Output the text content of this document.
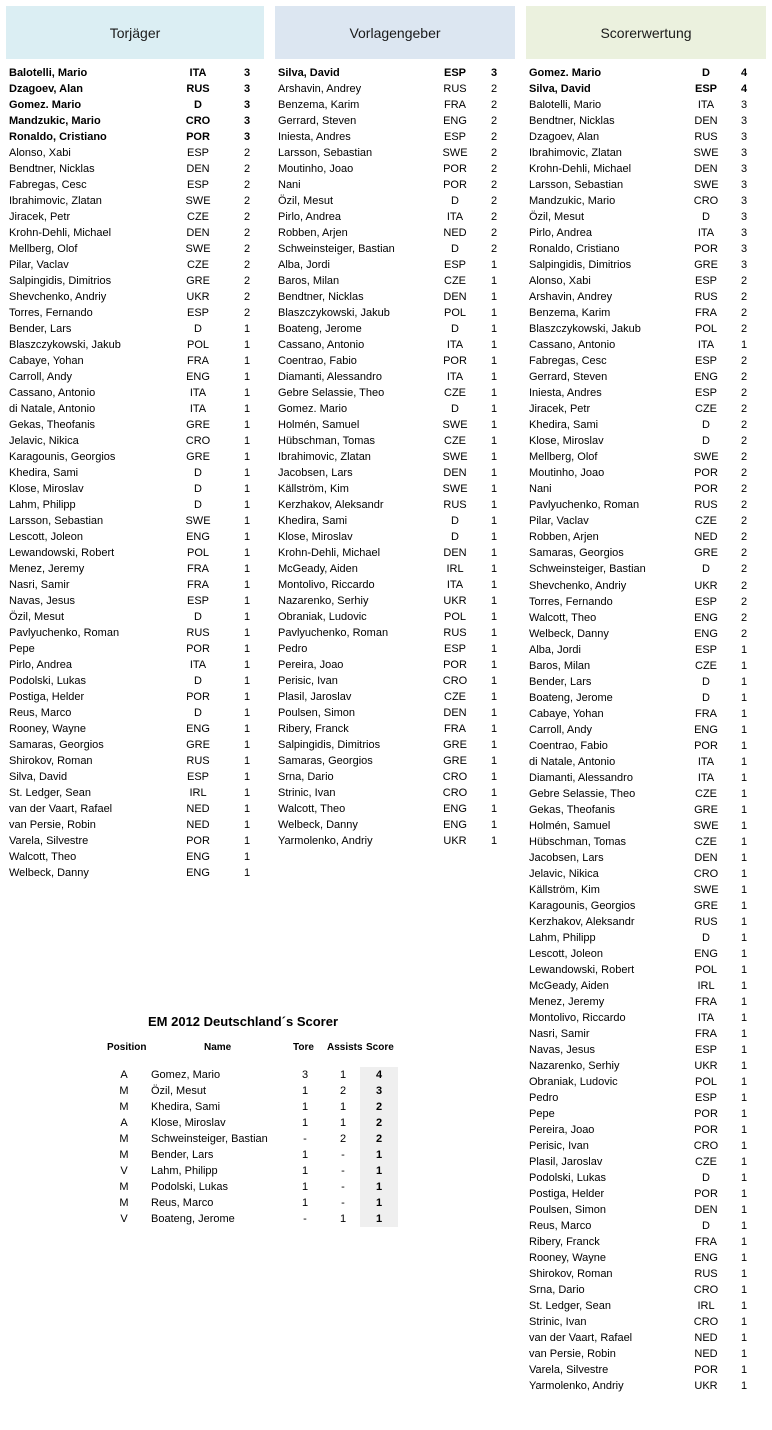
Torjäger	Vorlagengeber	Scorerwertung
Balotelli, Mario	ITA	3
Dzagoev, Alan	RUS	3
Gomez. Mario	D	3
Mandzukic, Mario	CRO	3
Ronaldo, Cristiano	POR	3
Alonso, Xabi	ESP	2
Bendtner, Nicklas	DEN	2
Fabregas, Cesc	ESP	2
Ibrahimovic, Zlatan	SWE	2
Jiracek, Petr	CZE	2
Krohn-Dehli, Michael	DEN	2
Mellberg, Olof	SWE	2
Pilar, Vaclav	CZE	2
Salpingidis, Dimitrios	GRE	2
Shevchenko, Andriy	UKR	2
Torres, Fernando	ESP	2
Bender, Lars	D	1
Blaszczykowski, Jakub	POL	1
Cabaye, Yohan	FRA	1
Carroll, Andy	ENG	1
Cassano, Antonio	ITA	1
di Natale, Antonio	ITA	1
Gekas, Theofanis	GRE	1
Jelavic, Nikica	CRO	1
Karagounis, Georgios	GRE	1
Khedira, Sami	D	1
Klose, Miroslav	D	1
Lahm, Philipp	D	1
Larsson, Sebastian	SWE	1
Lescott, Joleon	ENG	1
Lewandowski, Robert	POL	1
Menez, Jeremy	FRA	1
Nasri, Samir	FRA	1
Navas, Jesus	ESP	1
Özil, Mesut	D	1
Pavlyuchenko, Roman	RUS	1
Pepe	POR	1
Pirlo, Andrea	ITA	1
Podolski, Lukas	D	1
Postiga, Helder	POR	1
Reus, Marco	D	1
Rooney, Wayne	ENG	1
Samaras, Georgios	GRE	1
Shirokov, Roman	RUS	1
Silva, David	ESP	1
St. Ledger, Sean	IRL	1
van der Vaart, Rafael	NED	1
van Persie, Robin	NED	1
Varela, Silvestre	POR	1
Walcott, Theo	ENG	1
Welbeck, Danny	ENG	1
Silva, David	ESP	3
Arshavin, Andrey	RUS	2
Benzema, Karim	FRA	2
Gerrard, Steven	ENG	2
Iniesta, Andres	ESP	2
Larsson, Sebastian	SWE	2
Moutinho, Joao	POR	2
Nani	POR	2
Özil, Mesut	D	2
Pirlo, Andrea	ITA	2
Robben, Arjen	NED	2
Schweinsteiger, Bastian	D	2
Alba, Jordi	ESP	1
Baros, Milan	CZE	1
Bendtner, Nicklas	DEN	1
Blaszczykowski, Jakub	POL	1
Boateng, Jerome	D	1
Cassano, Antonio	ITA	1
Coentrao, Fabio	POR	1
Diamanti, Alessandro	ITA	1
Gebre Selassie, Theo	CZE	1
Gomez. Mario	D	1
Holmén, Samuel	SWE	1
Hübschman, Tomas	CZE	1
Ibrahimovic, Zlatan	SWE	1
Jacobsen, Lars	DEN	1
Källström, Kim	SWE	1
Kerzhakov, Aleksandr	RUS	1
Khedira, Sami	D	1
Klose, Miroslav	D	1
Krohn-Dehli, Michael	DEN	1
McGeady, Aiden	IRL	1
Montolivo, Riccardo	ITA	1
Nazarenko, Serhiy	UKR	1
Obraniak, Ludovic	POL	1
Pavlyuchenko, Roman	RUS	1
Pedro	ESP	1
Pereira, Joao	POR	1
Perisic, Ivan	CRO	1
Plasil, Jaroslav	CZE	1
Poulsen, Simon	DEN	1
Ribery, Franck	FRA	1
Salpingidis, Dimitrios	GRE	1
Samaras, Georgios	GRE	1
Srna, Dario	CRO	1
Strinic, Ivan	CRO	1
Walcott, Theo	ENG	1
Welbeck, Danny	ENG	1
Yarmolenko, Andriy	UKR	1
Gomez. Mario	D	4
Silva, David	ESP	4
Balotelli, Mario	ITA	3
Bendtner, Nicklas	DEN	3
Dzagoev, Alan	RUS	3
Ibrahimovic, Zlatan	SWE	3
Krohn-Dehli, Michael	DEN	3
Larsson, Sebastian	SWE	3
Mandzukic, Mario	CRO	3
Özil, Mesut	D	3
Pirlo, Andrea	ITA	3
Ronaldo, Cristiano	POR	3
Salpingidis, Dimitrios	GRE	3
Alonso, Xabi	ESP	2
Arshavin, Andrey	RUS	2
Benzema, Karim	FRA	2
Blaszczykowski, Jakub	POL	2
Cassano, Antonio	ITA	1
Fabregas, Cesc	ESP	2
Gerrard, Steven	ENG	2
Iniesta, Andres	ESP	2
Jiracek, Petr	CZE	2
Khedira, Sami	D	2
Klose, Miroslav	D	2
Mellberg, Olof	SWE	2
Moutinho, Joao	POR	2
Nani	POR	2
Pavlyuchenko, Roman	RUS	2
Pilar, Vaclav	CZE	2
Robben, Arjen	NED	2
Samaras, Georgios	GRE	2
Schweinsteiger, Bastian	D	2
Shevchenko, Andriy	UKR	2
Torres, Fernando	ESP	2
Walcott, Theo	ENG	2
Welbeck, Danny	ENG	2
Alba, Jordi	ESP	1
Baros, Milan	CZE	1
Bender, Lars	D	1
Boateng, Jerome	D	1
Cabaye, Yohan	FRA	1
Carroll, Andy	ENG	1
Coentrao, Fabio	POR	1
di Natale, Antonio	ITA	1
Diamanti, Alessandro	ITA	1
Gebre Selassie, Theo	CZE	1
Gekas, Theofanis	GRE	1
Holmén, Samuel	SWE	1
Hübschman, Tomas	CZE	1
Jacobsen, Lars	DEN	1
Jelavic, Nikica	CRO	1
Källström, Kim	SWE	1
Karagounis, Georgios	GRE	1
Kerzhakov, Aleksandr	RUS	1
Lahm, Philipp	D	1
Lescott, Joleon	ENG	1
Lewandowski, Robert	POL	1
McGeady, Aiden	IRL	1
Menez, Jeremy	FRA	1
Montolivo, Riccardo	ITA	1
Nasri, Samir	FRA	1
Navas, Jesus	ESP	1
Nazarenko, Serhiy	UKR	1
Obraniak, Ludovic	POL	1
Pedro	ESP	1
Pepe	POR	1
Pereira, Joao	POR	1
Perisic, Ivan	CRO	1
Plasil, Jaroslav	CZE	1
Podolski, Lukas	D	1
Postiga, Helder	POR	1
Poulsen, Simon	DEN	1
Reus, Marco	D	1
Ribery, Franck	FRA	1
Rooney, Wayne	ENG	1
Shirokov, Roman	RUS	1
Srna, Dario	CRO	1
St. Ledger, Sean	IRL	1
Strinic, Ivan	CRO	1
van der Vaart, Rafael	NED	1
van Persie, Robin	NED	1
Varela, Silvestre	POR	1
Yarmolenko, Andriy	UKR	1
EM 2012 Deutschland´s Scorer
Position	Name	Tore Assists Score
A Gomez, Mario	3	1	4
M Özil, Mesut	1	2	3
M Khedira, Sami	1	1	2
A Klose, Miroslav	1	1	2
M Schweinsteiger, Bastian	-	2	2
M Bender, Lars	1	-	1
V Lahm, Philipp	1	-	1
M Podolski, Lukas	1	-	1
M Reus, Marco	1	-	1
V Boateng, Jerome	-	1	1
